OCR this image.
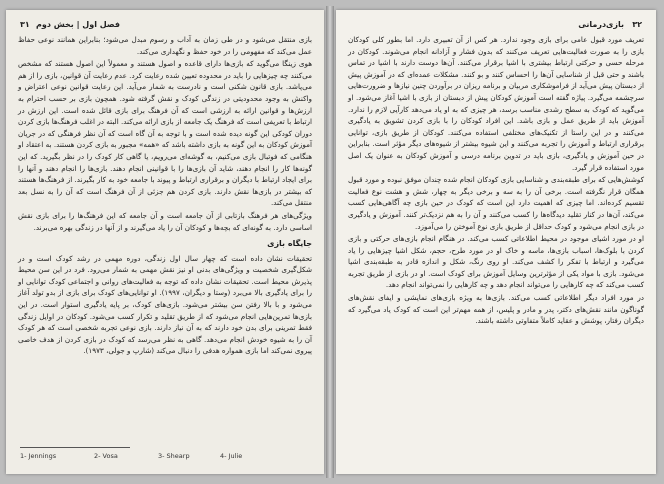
۳۱ فصل اول | بخش دوم

بازی منتقل می‌شود و در طی زمان به آداب و رسوم مبدل می‌شود؛ بنابراین همانند نوعی حفاظ عمل می‌کند که مفهومی را در خود حفظ و نگهداری می‌کند.

هوی زینگا می‌گوید که بازی‌ها دارای قاعده و اصول هستند و معمولاً این اصول هستند که مشخص می‌کنند چه چیزهایی را باید در محدوده تعیین شده رعایت کرد. عدم رعایت آن قوانین، بازی را از هم می‌پاشد. بازی قانون شکنی است و نادرست به شمار می‌آید. این رعایت قوانین نوعی اعتراض و واکنش به وجود محدودیتی در زندگی کودک و نقش گرفته شود. همچون بازی بر حسب احترام به ارزش‌ها و قوانین ارائه به ارزشی است که آن فرهنگ برای بازی قائل شده است. این ارزش در ارتباط با تعریفی است که فرهنگ یک جامعه از بازی ارائه می‌کند. البته در اغلب فرهنگ‌ها بازی کردن دوران کودکی این گونه دیده شده است و با توجه به آن گاه است که آن نظر فرهنگی که در جریان آموزش کودکان به این گونه به بازی داشته باشد که «همه» مجبور به بازی کردن هستند. به اعتقاد او هنگامی که فوتبال بازی می‌کنیم، به گوشه‌ای می‌رویم، یا گاهی کار کودک را در نظر بگیرید. که این گونه‌ها کار را انجام دهند، شاید آن بازی‌ها را با قوانینی انجام دهند. بازی‌ها را انجام دهند و آنها را برای ایجاد ارتباط با دیگران و برقراری ارتباط و پیوند با جامعه خود به کار بگیرند. از فرهنگ‌ها هستند که بیشتر در بازی‌ها نقش دارند. بازی کردن هم جزئی از آن فرهنگ است که آن را به نسل بعد منتقل می‌کند.

ویژگی‌های هر فرهنگ بازتابی از آن جامعه است و آن جامعه که این فرهنگ‌ها را برای بازی نقش اساسی دارد. به گونه‌ای که بچه‌ها و کودکان آن را یاد می‌گیرند و از آنها در زندگی بهره می‌برند.

جایگاه بازی

تحقیقات نشان داده است که چهار سال اول زندگی، دوره مهمی در رشد کودک است و در شکل‌گیری شخصیت و ویژگی‌های بدنی او نیز نقش مهمی به شمار می‌رود. فرد در این سن محیط پذیرش محیط است. تحقیقات نشان داده که توجه به فعالیت‌های روانی و اجتماعی کودک توانایی او را برای یادگیری بالا می‌برد (وستا و دیگران، ۱۹۹۷). او توانایی‌های کودک برای بازی از بدو تولد آغاز می‌شود و با بالا رفتن سن بیشتر می‌شود. بازی‌های کودک، بر پایه یادگیری استوار است. در این بازی‌ها تمرین‌هایی انجام می‌شود که از طریق تقلید و تکرار کسب می‌شود. کودکان در اوایل زندگی فقط تمرینی برای بدن خود دارند که به آن نیاز دارند. بازی نوعی تجربه شخصی است که هر کودک آن را به شیوه خودش انجام می‌دهد. گاهی به نظر می‌رسد که کودک در بازی کردن از هدف خاصی پیروی نمی‌کند اما بازی همواره هدفی را دنبال می‌کند (شارپ و جولی، ۱۹۷۳).

1- Jennings	2- Vosa	3- Shearp	4- Julie
۳۲
بازی‌درمانی

تعریف مورد قبول عامی برای بازی وجود ندارد. هر کس از آن تعبیری دارد. اما بطور کلی کودکان بازی را به صورت فعالیت‌هایی تعریف می‌کنند که بدون فشار و آزادانه انجام می‌شوند. کودکان در مرحله حسی و حرکتی ارتباط بیشتری با اشیا برقرار می‌کنند. آن‌ها دوست دارند با اشیا در تماس باشند و حتی قبل از شناسایی آن‌ها را احساس کنند و بو کنند. مشکلات عمده‌ای که در آموزش پیش از دبستان پیش می‌آید از فراموشکاری مربیان و برنامه ریزان در برآوردن چنین نیازها و ضرورت‌هایی سرچشمه می‌گیرد. پیاژه گفته است آموزش کودکان پیش از دبستان از بازی با اشیا آغاز می‌شود. او می‌گوید که کودک به سطح رشدی مناسب برسد، هر چیزی که به او یاد می‌دهد کارآیی لازم را ندارد. آموزش باید از طریق عمل و بازی باشد. این افراد کودکان را با بازی کردن تشویق به یادگیری می‌کنند و در این راستا از تکنیک‌های مختلفی استفاده می‌کنند. کودکان از طریق بازی، توانایی برقراری ارتباط و آموزش را تجربه می‌کنند و این شیوه بیشتر از شیوه‌های دیگر مؤثر است. بنابراین در حین آموزش و یادگیری، بازی باید در تدوین برنامه درسی و آموزش کودکان به عنوان یک اصل مورد استفاده قرار گیرد.

کوشش‌هایی که برای طبقه‌بندی و شناسایی بازی کودکان انجام شده چندان موفق نبوده و مورد قبول همگان قرار نگرفته است. برخی آن را به سه و برخی دیگر به چهار، شش و هشت نوع فعالیت تقسیم کرده‌اند. اما چیزی که اهمیت دارد این است که کودک در حین بازی چه آگاهی‌هایی کسب می‌کند، آن‌ها در کنار تقلید دیدگاه‌ها را کسب می‌کنند و آن را به هم نزدیک‌تر کنند. آموزش و یادگیری در بازی انجام می‌شود و کودک حداقل از طریق بازی نوع آموختن را می‌آموزد.

او در مورد اشیای موجود در محیط اطلاعاتی کسب می‌کند. در هنگام انجام بازی‌های حرکتی و بازی کردن با بلوک‌ها، اسباب بازی‌ها، ماسه و خاک او در مورد طرح، حجم، شکل اشیا چیزهایی را یاد می‌گیرد و ارتباط با تفکر را کشف می‌کند. او روی رنگ، شکل و اندازه قادر به طبقه‌بندی اشیا می‌شود. بازی با مواد یکی از مؤثرترین وسایل آموزش برای کودک است. او در بازی از طریق تجربه کسب می‌کند که چه کارهایی را می‌تواند انجام دهد و چه کارهایی را نمی‌تواند انجام دهد.

در مورد افراد دیگر اطلاعاتی کسب می‌کند. بازی‌ها به ویژه بازی‌های نمایشی و ایفای نقش‌های گوناگون مانند نقش‌های دکتر، پدر و مادر و پلیس، از همه مهم‌تر این است که کودک یاد می‌گیرد که دیگران رفتار، پوشش و عقاید کاملاً متفاوتی داشته باشند.
